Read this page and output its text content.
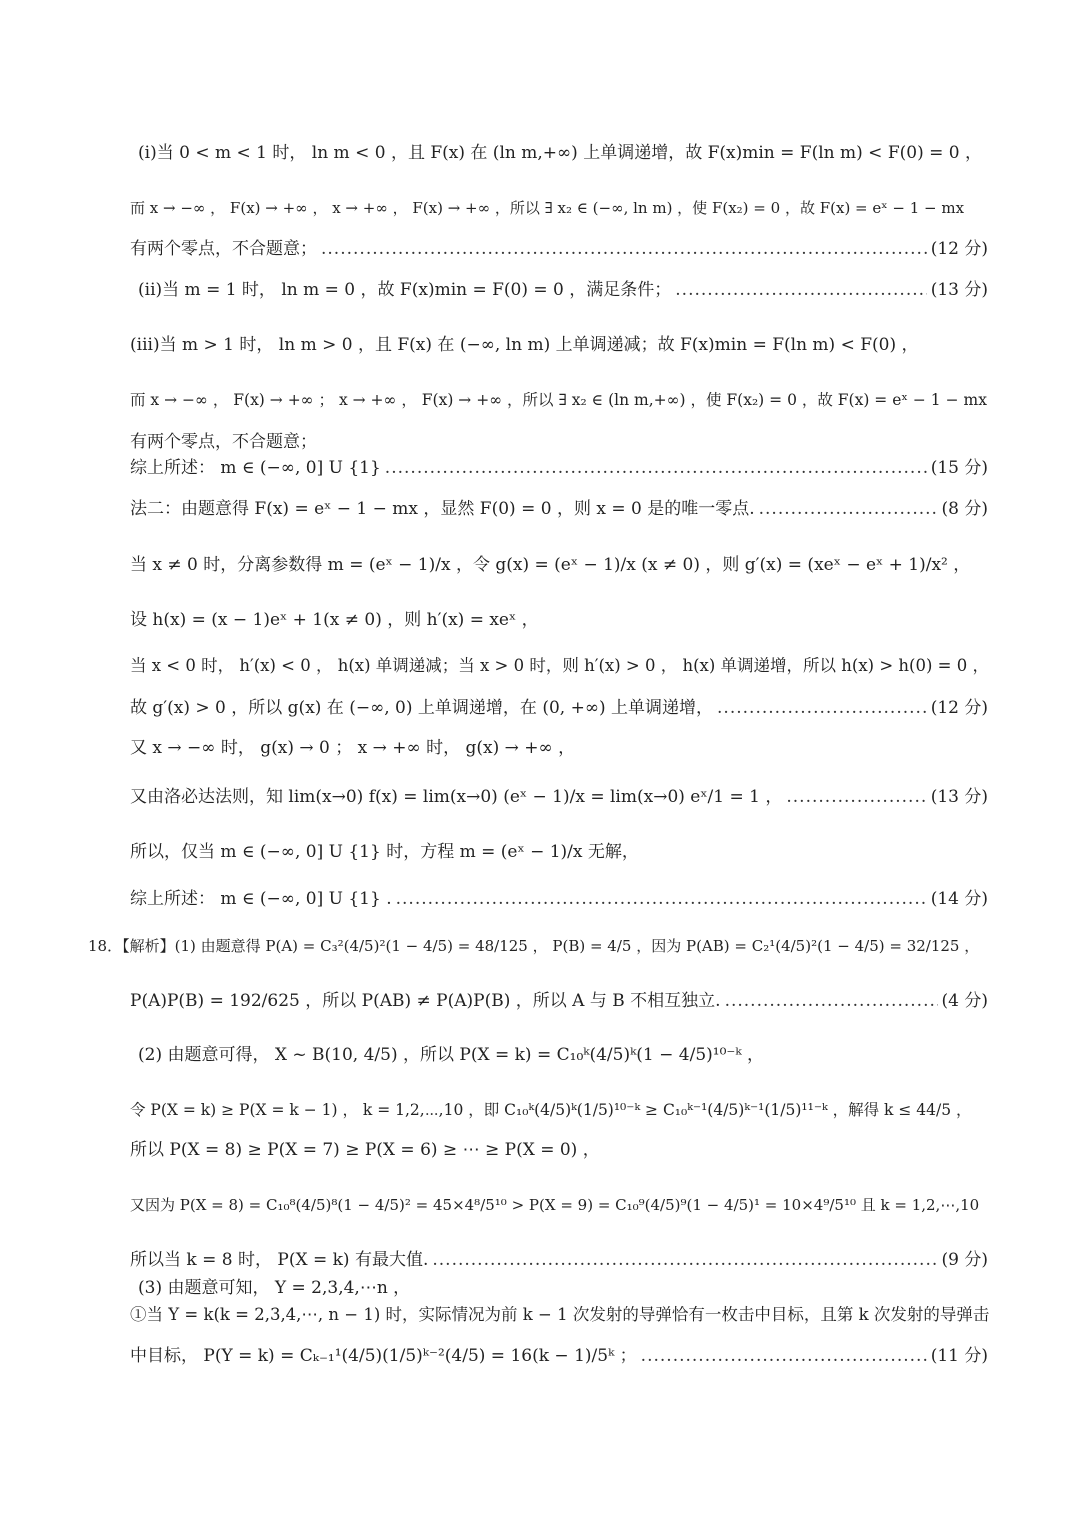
(i)当 0 < m < 1 时， ln m < 0 ，且 F(x) 在 (ln m,+∞) 上单调递增，故 F(x)min = F(ln m) < F(0) = 0 ，
而 x → −∞ ， F(x) → +∞ ， x → +∞ ， F(x) → +∞ ，所以 ∃ x₂ ∈ (−∞, ln m) ，使 F(x₂) = 0 ，故 F(x) = eˣ − 1 − mx
有两个零点，不合题意； .....	(12 分)
(ii)当 m = 1 时， ln m = 0 ，故 F(x)min = F(0) = 0 ，满足条件； .....	(13 分)
(iii)当 m > 1 时， ln m > 0 ，且 F(x) 在 (−∞, ln m) 上单调递减；故 F(x)min = F(ln m) < F(0) ，
而 x → −∞ ， F(x) → +∞ ； x → +∞ ， F(x) → +∞ ，所以 ∃ x₂ ∈ (ln m,+∞) ，使 F(x₂) = 0 ，故 F(x) = eˣ − 1 − mx
有两个零点，不合题意；
综上所述： m ∈ (−∞, 0] U {1} .....	(15 分)
法二：由题意得 F(x) = eˣ − 1 − mx ，显然 F(0) = 0 ，则 x = 0 是的唯一零点. .....	(8 分)
当 x ≠ 0 时，分离参数得 m = (eˣ − 1)/x ，令 g(x) = (eˣ − 1)/x (x ≠ 0) ，则 g′(x) = (xeˣ − eˣ + 1)/x² ，
设 h(x) = (x − 1)eˣ + 1(x ≠ 0) ，则 h′(x) = xeˣ ，
当 x < 0 时， h′(x) < 0 ， h(x) 单调递减；当 x > 0 时，则 h′(x) > 0 ， h(x) 单调递增，所以 h(x) > h(0) = 0 ，
故 g′(x) > 0 ，所以 g(x) 在 (−∞, 0) 上单调递增，在 (0, +∞) 上单调递增， .....	(12 分)
又 x → −∞ 时， g(x) → 0 ； x → +∞ 时， g(x) → +∞ ，
又由洛必达法则，知 lim(x→0) f(x) = lim(x→0) (eˣ − 1)/x = lim(x→0) eˣ/1 = 1 ， .....	(13 分)
所以，仅当 m ∈ (−∞, 0] U {1} 时，方程 m = (eˣ − 1)/x 无解，
综上所述： m ∈ (−∞, 0] U {1} . .....	(14 分)
18．【解析】(1) 由题意得 P(A) = C₃²(4/5)²(1 − 4/5) = 48/125 ， P(B) = 4/5 ，因为 P(AB) = C₂¹(4/5)²(1 − 4/5) = 32/125 ，
P(A)P(B) = 192/625 ，所以 P(AB) ≠ P(A)P(B) ，所以 A 与 B 不相互独立. .....	(4 分)
(2) 由题意可得， X ~ B(10, 4/5) ，所以 P(X = k) = C₁₀ᵏ(4/5)ᵏ(1 − 4/5)¹⁰⁻ᵏ ，
令 P(X = k) ≥ P(X = k − 1) ， k = 1,2,⋯,10 ，即 C₁₀ᵏ(4/5)ᵏ(1/5)¹⁰⁻ᵏ ≥ C₁₀ᵏ⁻¹(4/5)ᵏ⁻¹(1/5)¹¹⁻ᵏ ，解得 k ≤ 44/5 ，
所以 P(X = 8) ≥ P(X = 7) ≥ P(X = 6) ≥ ⋯ ≥ P(X = 0) ，
又因为 P(X = 8) = C₁₀⁸(4/5)⁸(1 − 4/5)² = 45×4⁸/5¹⁰ > P(X = 9) = C₁₀⁹(4/5)⁹(1 − 4/5)¹ = 10×4⁹/5¹⁰ 且 k = 1,2,⋯,10
所以当 k = 8 时， P(X = k) 有最大值. .....	(9 分)
(3) 由题意可知， Y = 2,3,4,⋯n ，
①当 Y = k(k = 2,3,4,⋯, n − 1) 时，实际情况为前 k − 1 次发射的导弹恰有一枚击中目标，且第 k 次发射的导弹击
中目标， P(Y = k) = Cₖ₋₁¹(4/5)(1/5)ᵏ⁻²(4/5) = 16(k − 1)/5ᵏ ； .....	(11 分)
